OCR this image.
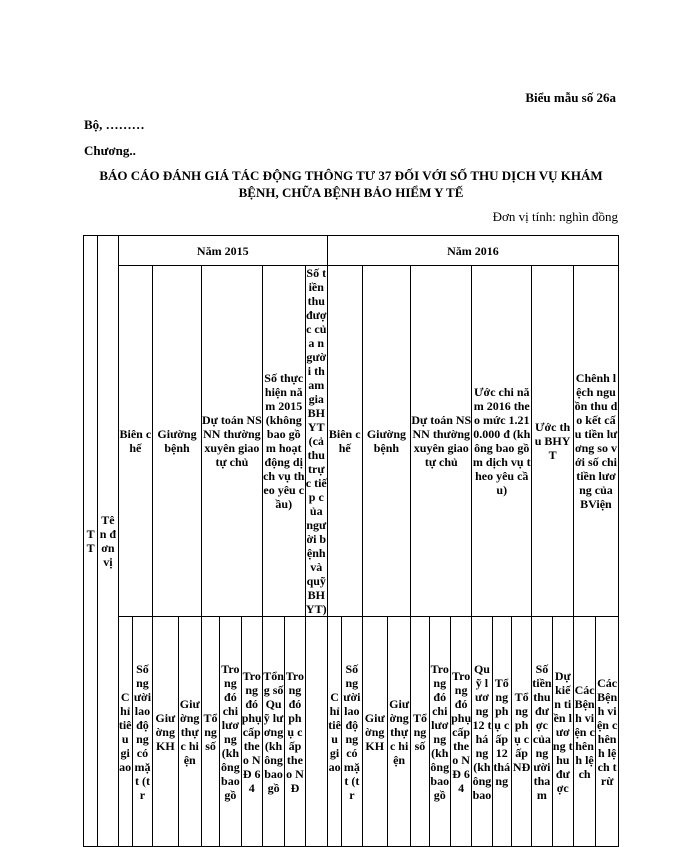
Biểu mẫu số 26a
Bộ, ………
Chương..
BÁO CÁO ĐÁNH GIÁ TÁC ĐỘNG THÔNG TƯ 37 ĐỐI VỚI SỐ THU DỊCH VỤ KHÁM BỆNH, CHỮA BỆNH BẢO HIỂM Y TẾ
Đơn vị tính: nghìn đồng
TT	Tên đơn vị	Năm 2015										Năm 2016													
		Biên chế		Giường bệnh		Dự toán NSNN thường xuyên giao tự chủ			Số thực hiện năm 2015 (không bao gồm hoạt động dịch vụ theo yêu cầu)		Số tiền thu được của người tham gia BHYT (cả thu trực tiếp của người bệnh và quỹ BHYT)	Biên chế		Giường bệnh		Dự toán NSNN thường xuyên giao tự chủ			Ước chi năm 2016 theo mức 1.210.000 đ (không bao gồm dịch vụ theo yêu cầu)			Ước thu BHYT		Chênh lệch nguồn thu do kết cấu tiền lương so với số chi tiền lương của BViện	
		Chỉ tiêu giao	Số người lao động có mặt (tr	Giường KH	Giường thực hiện	Tổng số	Trong đó chi lương (không bao gồ	Trong đó phụ cấp theo NĐ 64	Tổng số Quỹ lương (không bao gồ	Trong đó phụ cấp theo NĐ		Chỉ tiêu giao	Số người lao động có mặt (tr	Giường KH	Giường thực hiện	Tổng số	Trong đó chi lương (không bao gồ	Trong đó phụ cấp theo NĐ 64	Quỹ lương 12 tháng (không bao	Tổng phụ cấp 12 tháng	Tổng phụ cấp NĐ	Số tiền thu được của người tham	Dự kiến tiền lương thu được	Các Bệnh viện chênh lệch	Các Bệnh viện chênh lệch trừ
